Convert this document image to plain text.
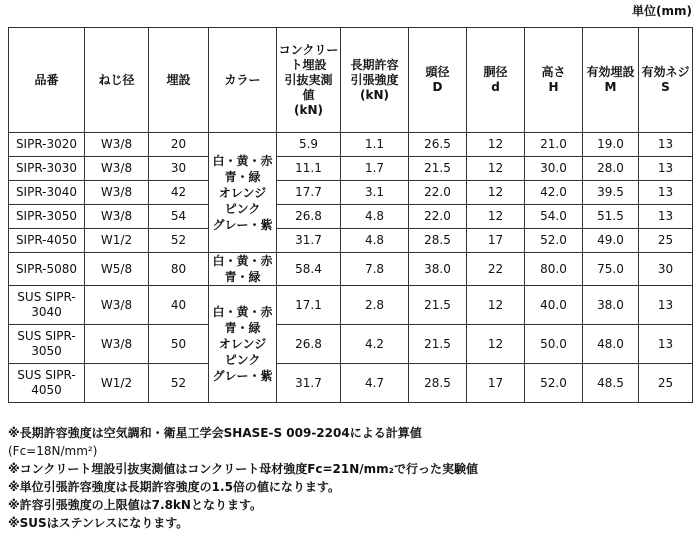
単位(mm)
品番	ねじ径	埋設	カラー	コンクリー
ト埋設
引抜実測
値
(kN)	長期許容
引張強度
(kN)	頭径
D	胴径
d	高さ
H	有効埋設
M	有効ネジ
S
SIPR-3020	W3/8	20	白・黄・赤
青・緑
オレンジ
ピンク
グレー・紫	5.9	1.1	26.5	12	21.0	19.0	13
SIPR-3030	W3/8	30		11.1	1.7	21.5	12	30.0	28.0	13
SIPR-3040	W3/8	42		17.7	3.1	22.0	12	42.0	39.5	13
SIPR-3050	W3/8	54		26.8	4.8	22.0	12	54.0	51.5	13
SIPR-4050	W1/2	52		31.7	4.8	28.5	17	52.0	49.0	25
SIPR-5080	W5/8	80	白・黄・赤
青・緑	58.4	7.8	38.0	22	80.0	75.0	30
SUS SIPR-
3040	W3/8	40	白・黄・赤
青・緑
オレンジ
ピンク
グレー・紫	17.1	2.8	21.5	12	40.0	38.0	13
SUS SIPR-
3050	W3/8	50		26.8	4.2	21.5	12	50.0	48.0	13
SUS SIPR-
4050	W1/2	52		31.7	4.7	28.5	17	52.0	48.5	25
※長期許容強度は空気調和・衛星工学会SHASE-S 009-2204による計算値
(Fc=18N/mm²)
※コンクリート埋設引抜実測値はコンクリート母材強度Fc=21N/mm₂で行った実験値
※単位引張許容強度は長期許容強度の1.5倍の値になります。
※許容引張強度の上限値は7.8kNとなります。
※SUSはステンレスになります。
